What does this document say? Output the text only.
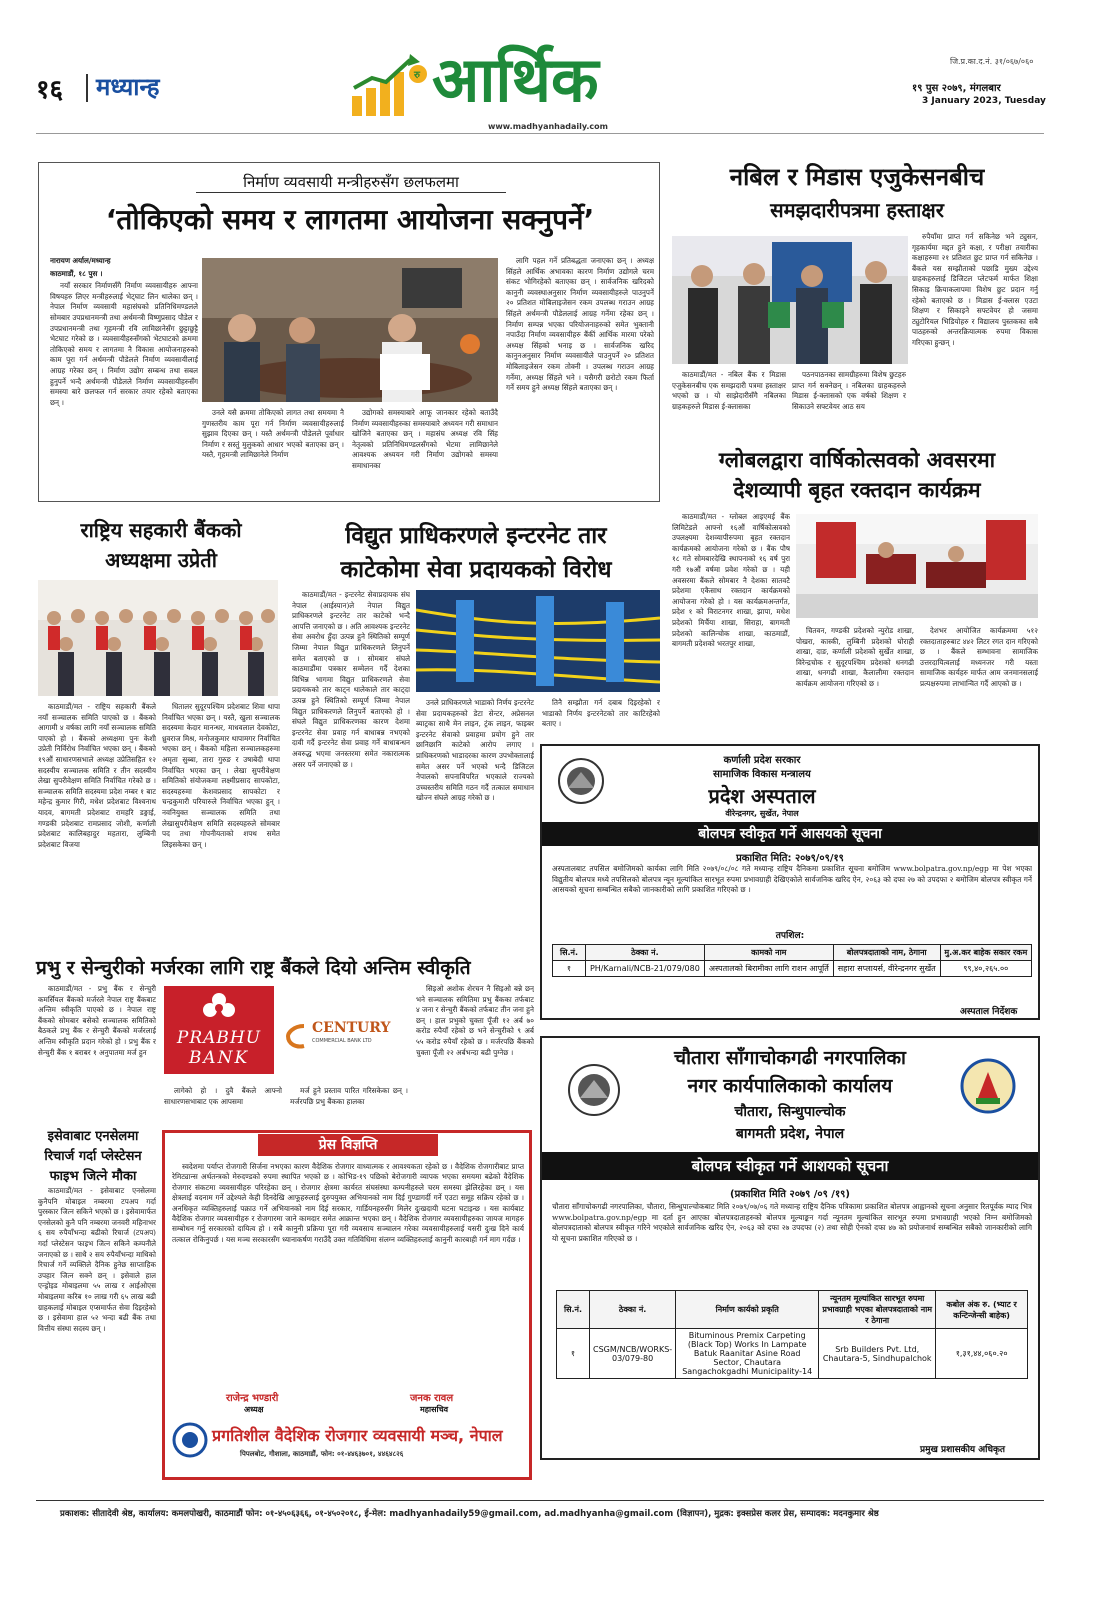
१६ मध्यान्ह	रु आर्थिक
www.madhyanhadaily.com
जि.प्र.का.द.नं. ३१/०६७/०६०
१९ पुस २०७९, मंगलबार
3 January 2023, Tuesday
निर्माण व्यवसायी मन्त्रीहरुसँग छलफलमा
‘तोकिएको समय र लागतमा आयोजना सक्नुपर्ने’

नारायण अर्याल/मध्यान्ह

काठमाडौं, १८ पुस ।

नयाँ सरकार निर्माणसँगै निर्माण व्यवसायीहरु आफ्ना विषयहरु लिएर मन्त्रीहरुलाई भेट्घाट लिन थालेका छन् । नेपाल निर्माण व्यवसायी महासंघको प्रतिनिधिमण्डलले सोमबार उपप्रधानमन्त्री तथा अर्थमन्त्री विष्णुप्रसाद पौडेल र उपप्रधानमन्त्री तथा गृहमन्त्री रवि लामिछानेसँग छुट्टाछुट्टै भेटघाट गरेको छ । व्यवसायीहरुसँगको भेटघाटको क्रममा तोकिएको समय र लागतमा नै विकास आयोजनाहरुको काम पूरा गर्न अर्थमन्त्री पौडेलले निर्माण व्यवसायीलाई आग्रह गरेका छन् । निर्माण उद्योग सम्बन्ध तथा सबल हुनुपर्ने भन्दै अर्थमन्त्री पौडेलले निर्माण व्यवसायीहरुसँग समस्या बारे छलफल गर्न सरकार तयार रहेको बताएका छन् ।

उनले यसै क्रममा तोकिएको लागत तथा समयमा नै गुणस्तरीय काम पूरा गर्न निर्माण व्यवसायीहरुलाई सुझाव दिएका छन् । यस्तै अर्थमन्त्री पौडेलले पूर्वाधार निर्माण र सस्तुं मुलुकको आधार भएको बताएका छन् । यस्तै, गृहमन्त्री लामिछानेले निर्माण

उद्योगको समस्याबारे आफू जानकार रहेको बताउँदै निर्माण व्यवसायीहरुका समस्याबारे अध्ययन गरी समाधान खोजिने बताएका छन् । महासंघ अध्यक्ष रवि सिंह नेतृत्वको प्रतिनिधिमण्डलसँगको भेटमा लामिछानेले आवश्यक अध्ययन गरी निर्माण उद्योगको समस्या समाधानका

लागि पहल गर्ने प्रतिबद्धता जनाएका छन् । अध्यक्ष सिंहले आर्थिक अभावका कारण निर्माण उद्योगले चरम संकट भोगिरहेको बताएका छन् । सार्वजनिक खरिदको कानुनी व्यवस्थाअनुसार निर्माण व्यवसायीहरुले पाउनुपर्ने २० प्रतिशत मोबिलाइजेसन रकम उपलब्ध गराउन आग्रह सिंहले अर्थमन्त्री पौडेललाई आग्रह गर्नेमा रहेका छन् । निर्माण सम्पन्न भएका परियोजनाहरुको समेत भुक्तानी नपाउँदा निर्माण व्यवसायीहरु बैंकीं आर्थिक मारमा परेको अध्यक्ष सिंहको भनाइ छ । सार्वजनिक खरिद कानुनअनुसार निर्माण व्यवसायीले पाउनुपर्ने २० प्रतिशत मोबिलाइजेसन रकम तोक्नी । उपलब्ध गराउन आग्रह गर्नेमा, अध्यक्ष सिंहले भने । यसैगरी छरोटो रकम फिर्ता गर्ने समय हुने अध्यक्ष सिंहले बताएका छन् ।

नबिल र मिडास एजुकेसनबीच
समझदारीपत्रमा हस्ताक्षर

रुपैयाँमा प्राप्त गर्न सकिनेछ भने ट्युसन, गृहकार्यमा मद्दत हुने कक्षा, र परीक्षा तयारीका कक्षाहरुमा २१ प्रतिशत छुट प्राप्त गर्न सकिनेछ । बैंकले यस सम्झौताको पछाडि मुख्य उद्देश्य ग्राहकहरुलाई डिजिटल प्लेटफर्म मार्फत शिक्षा सिकाइ क्रियाकलापमा विशेष छुट प्रदान गर्नु रहेको बताएको छ । मिडास ई-क्लास एउटा शिक्षण र सिकाइने सफ्टवेयर हो जसमा ट्युटोरियल भिडियोहरु र विद्यालय पुस्तकका सबै पाठहरुको अन्तरक्रियात्मक रुपमा विकास गरिएका हुन्छन् ।

काठमाडौं/मत - नबिल बैंक र मिडास एजुकेसनबीच एक समझदारी पत्रमा हस्ताक्षर भएको छ । यो साझेदारीसँगै नबिलका ग्राहकहरुले मिडास ई-क्लासका

पठनपाठनका सामग्रीहरुमा विशेष छुटहरु प्राप्त गर्न सक्नेछन् । नबिलका ग्राहकहरुले मिडास ई-क्लासको एक वर्षको शिक्षण र सिकाउने सफ्टवेयर आठ सय

ग्लोबलद्वारा वार्षिकोत्सवको अवसरमा
देशव्यापी बृहत रक्तदान कार्यक्रम

काठमाडौं/मत - ग्लोबल आइएमई बैंक लिमिटेडले आफ्नो १६औं वार्षिकोत्सवको उपलक्ष्यमा देशव्यापीरुपमा बृहत रक्तदान कार्यक्रमको आयोजना गरेको छ । बैंक पौष १८ गते सोमबारदेखि स्थापनाको १६ वर्ष पुरा गरी १७औं वर्षमा प्रवेश गरेको छ । यही अवसरमा बैंकले सोमबार नै देशका सातवटै प्रदेशमा एकैसाथ रक्तदान कार्यक्रमको आयोजना गरेको हो । यस कार्यक्रमअन्तर्गत, प्रदेश १ को विराटनगर शाखा, झापा, मधेश प्रदेशको मिर्चैया शाखा, सिराहा, बागमती प्रदेशको कालिन्चोक शाखा, काठमाडौं, बागमती प्रदेशको भरतपुर शाखा,

चितवन, गण्डकी प्रदेशको न्युरोड शाखा, पोखरा, कास्की, लुम्बिनी प्रदेशको घोराही शाखा, दाङ, कर्णाली प्रदेशको सुर्खेत शाखा, विरेन्द्रचोक र सुदूरपश्चिम प्रदेशको धनगढी शाखा, धनगढी शाखा, कैलालीमा रक्तदान कार्यक्रम आयोजना गरिएको छ ।

देशभर आयोजित कार्यक्रममा ५१२ रक्तदाताहरुबाट ४४२ लिटर रगत दान गरिएको छ । बैंकले सम्भावना सामाजिक उत्तरदायित्वलाई मध्यनजर गरी यस्ता सामाजिक कार्यहरु मार्फत आम जनमानसलाई प्रत्यक्षरुपमा लाभान्वित गर्दै आएको छ ।

राष्ट्रिय सहकारी बैंकको
अध्यक्षमा उप्रेती

काठमाडौं/मत - राष्ट्रिय सहकारी बैंकले नयाँ सञ्चालक समिति पाएको छ । बैंकको आगामी ४ वर्षका लागि नयाँ सञ्चालक समिति पाएको हो । बैंकको अध्यक्षमा पुनः केशी उप्रेती निर्विरोध निर्वाचित भएका छन् । बैंकको १९औं साधारणसभाले अध्यक्ष उप्रेतिसहित १२ सदस्यीय सञ्चालक समिति र तीन सदस्यीय लेखा सुपरीवेक्षण समिति निर्वाचित गरेको छ । सञ्चालक समिति सदस्यमा प्रदेश नम्बर १ बाट महेन्द्र कुमार गिरी, मधेश प्रदेशबाट विश्वनाथ यादव, बागमती प्रदेशबाट रामहरि डङ्गाई, गण्डकी प्रदेशबाट रामप्रसाद जोशी, कर्णाली प्रदेशबाट कालिबहादुर महतारा, लुम्बिनी प्रदेशबाट विजया

धितालर सुदूरपश्चिम प्रदेशबाट शिवा थापा निर्वाचित भएका छन् । यस्तै, खुला सञ्चालक सदस्यमा केदार मानन्धर, माधवलाल देवकोटा, ध्रुवराज मिश्र, मनोजकुमार थापामगर निर्वाचित भएका छन् । बैंकको महिला सञ्चालकहरुमा अमृता सुब्बा, तारा गुरुङ र उषाबेदी थापा निर्वाचित भएका छन् । लेखा सुपरीवेक्षण समितिको संयोजकमा लक्ष्मीप्रसाद सापकोटा, सदस्यहरुमा केशवप्रसाद सापकोटा र चन्द्रकुमारी परियारुले निर्वाचित भएका हुन् । नवनियुक्त सञ्चालक समिति तथा लेखासुपरीवेक्षण समिति सदस्यहरुले सोमबार पद तथा गोपनीयताको शपथ समेत लिइसकेका छन् ।

विद्युत प्राधिकरणले इन्टरनेट तार
काटेकोमा सेवा प्रदायकको विरोध

काठमाडौं/मत - इन्टरनेट सेवाप्रदायक संघ नेपाल (आईस्पान)ले नेपाल विद्युत प्राधिकरणले इन्टरनेट तार काटेको भन्दै आपत्ति जनाएको छ । अति आवश्यक इन्टरनेट सेवा अवरोध हुँदा उत्पन्न हुने स्थितिको सम्पूर्ण जिम्मा नेपाल विद्युत प्राधिकरणले लिनुपर्ने समेत बताएको छ । सोमबार संघले काठमाडौंमा पत्रकार सम्मेलन गर्दै देशका विभिन्न भागमा विद्युत प्राधिकरणले सेवा प्रदायकको तार काट्न थालेकाले तार काट्दा उत्पन्न हुने स्थितिको सम्पूर्ण जिम्मा नेपाल विद्युत प्राधिकरणले लिनुपर्ने बताएको हो । संघले विद्युत प्राधिकरणका कारण देशमा इन्टरनेट सेवा प्रवाह गर्न बाधाबन्न नभएको दावी गर्दै इन्टरनेट सेवा प्रवाह गर्ने बाधाबन्धन अवरुद्ध भएमा जनस्तरमा समेत नकारात्मक असर पर्ने जनाएको छ ।

उनले प्राधिकरणले भाडाको निर्णय इन्टरनेट सेवा प्रदायकहरुको डेटा सेन्टर, अप्रेसनल ब्याट्रका साथै मेन लाइन, ट्रंक लाइन, फाइबर इन्टरनेट सेवाको प्रवाहमा प्रयोग हुने तार छानिछानि काटेको आरोप लगाए । प्राधिकरणको भाडादरका कारण उपभोक्तालाई समेत असर पर्ने भएको भन्दै डिजिटल नेपालको सपनाविपरित भएकाले राज्यको उच्चस्तरीय समिति गठन गर्दै तत्काल समाधान खोज्न संघले आग्रह गरेको छ ।

तिनै सम्झौता गर्न दबाब दिइरहेको र भाडाको निर्णय इन्टरनेटको तार काटिरहेको बताए ।

कर्णाली प्रदेश सरकार
सामाजिक विकास मन्त्रालय
प्रदेश अस्पताल
वीरेन्द्रनगर, सुर्खेत, नेपाल
बोलपत्र स्वीकृत गर्ने आसयको सूचना
प्रकाशित मिति: २०७९/०९/१९

अस्पतालबाट तपसिल बमोजिमको कार्यका लागि मिति २०७९/०८/०८ गते मध्यान्ह राष्ट्रिय दैनिकमा प्रकाशित सूचना बमोजिम www.bolpatra.gov.np/egp मा पेश भएका विद्युतीय बोलपत्र मध्ये तपसिलको बोलपत्र न्यून मूल्यांकित सारभूत रुपमा प्रभावग्राही देखिएकोले सार्वजनिक खरिद ऐन, २०६३ को दफा २७ को उपदफा २ बमोजिम बोलपत्र स्वीकृत गर्ने आसयको सूचना सम्बन्धित सबैको जानकारीको लागि प्रकाशित गरिएको छ ।

तपशिल:
सि.नं.	ठेक्का नं.	कामको नाम	बोलपत्रदाताको नाम, ठेगाना	मु.अ.कर बाहेक सकार रकम
१	PH/Karnali/NCB-21/079/080	अस्पतालको बिरामीका लागि राशन आपूर्ति	सहारा सप्लायर्स, वीरेन्द्रनगर सुर्खेत	९९,४०,२६५.००
अस्पताल निर्देशक
प्रभु र सेन्चुरीको मर्जरका लागि राष्ट्र बैंकले दियो अन्तिम स्वीकृति

काठमाडौं/मत - प्रभु बैंक र सेन्चुरी कमर्सियल बैंकको मर्जरले नेपाल राष्ट्र बैंकबाट अन्तिम स्वीकृति पाएको छ । नेपाल राष्ट्र बैंकको सोमबार बसेको सञ्चालक समितिको बैठकले प्रभु बैंक र सेन्चुरी बैंकको मर्जरलाई अन्तिम स्वीकृति प्रदान गरेको हो । प्रभु बैंक र सेन्चुरी बैंक १ बराबर १ अनुपातमा मर्ज हुन

PRABHU
BANK
CENTURY
COMMERCIAL BANK LTD

लागेको हो । दुवै बैंकले आफ्नो साधारणसभाबाट एक आपसमा

मर्ज हुने प्रस्ताव पारित गरिसकेका छन् । मर्जरपछि प्रभु बैंकका हालका

सिइओ अशोक शेरचन नै सिइओ बन्ने छन् भने सञ्चालक समितिमा प्रभु बैंकका तर्फबाट ४ जना र सेन्चुरी बैंकको तर्फबाट तीन जना हुने छन् । हाल प्रभुको चुक्ता पूँजी १२ अर्ब ७० करोड रुपैयाँ रहेको छ भने सेन्चुरीको ९ अर्ब ५५ करोड रुपैयाँ रहेको छ । मर्जरपछि बैंकको चुक्ता पूँजी २२ अर्बभन्दा बढी पुग्नेछ ।

इसेवाबाट एनसेलमा
रिचार्ज गर्दा प्लेस्टेसन
फाइभ जित्ने मौका

काठमाडौं/मत - इसेवाबाट एनसेलमा कुनैपनि मोबाइल नम्बरमा टपअप गर्दा पुरस्कार जित्न सकिने भएको छ । इसेवामार्फत एनसेलको कुनै पनि नम्बरमा जनवरी महिनाभर ६ सय रुपैयाँभन्दा बढीको रिचार्ज (टपअप) गर्दा प्लेस्टेसन फाइभ जित्न सकिने कम्पनीले जनाएको छ । साथै २ सय रुपैयाँभन्दा माथिको रिचार्ज गर्ने व्यक्तिले दैनिक हुनेछ साप्ताहिक उपहार जित्न सक्ने छन् । इसेवाले हाल एन्ड्रोइड मोबाइलमा ५५ लाख र आईओएस मोबाइलमा करिब १० लाख गरी ६५ लाख बढी ग्राहकलाई मोबाइल एप्समार्फत सेवा दिइरहेको छ । इसेवामा हाल ५२ भन्दा बढी बैंक तथा वित्तीय संस्था सदस्य छन् ।

प्रेस विज्ञप्ति

स्वदेशमा पर्याप्त रोजगारी सिर्जना नभएका कारण वैदेशिक रोजगार वाध्यात्मक र आवश्यकता रहेको छ । वैदेशिक रोजगारीबाट प्राप्त रेमिट्यान्स अर्थतन्त्रको मेरुदण्डको रुपमा स्थापित भएको छ । कोभिड-१९ पछिको बेरोजगारी व्यापक भएका समयमा बढेको वैदेशिक रोजगार संकटमा व्यवसायीहरु परिरहेका छन् । रोजगार क्षेत्रमा कार्यरत संघसंस्था कम्पनीहरुले चरम समस्या झेलिरहेका छन् । यस क्षेत्रलाई वदनाम गर्ने उद्देश्यले केही दिनदेखि आफूहरुलाई दुरुपयुक्त अभियानको नाम दिई गुण्डागर्दी गर्ने एउटा समूह सक्रिय रहेको छ । अनधिकृत व्यक्तिहरुलाई पक्राउ गर्ने अभियानको नाम दिई सरकार, गार्डियनहरुसँग मिलेर दुःखदायी घटना घटाइन्छ । यस कार्यबाट वैदेशिक रोजगार व्यवसायीहरु र रोजगारमा जाने कामदार समेत आक्रान्त भएका छन् । वैदेशिक रोजगार व्यवसायीहरुका जायज मागहरु सम्बोधन गर्नु सरकारको दायित्व हो । सबै कानुनी प्रक्रिया पूरा गरी व्यवसाय सञ्चालन गरेका व्यवसायीहरुलाई यसरी दुःख दिने कार्य तत्काल रोकिनुपर्छ । यस मञ्च सरकारसँग ध्यानाकर्षण गराउँदै उक्त गतिविधिमा संलग्न व्यक्तिहरुलाई कानुनी कारबाही गर्न माग गर्दछ ।

राजेन्द्र भण्डारी
अध्यक्ष
जनक रावल
महासचिव
प्रगतिशील वैदेशिक रोजगार व्यवसायी मञ्च, नेपाल
पिपलबोट, गौशाला, काठमाडौं, फोन: ०१-४४६३७०१, ४४६४८२६
चौतारा साँगाचोकगढी नगरपालिका
नगर कार्यपालिकाको कार्यालय
चौतारा, सिन्धुपाल्चोक
बागमती प्रदेश, नेपाल
बोलपत्र स्वीकृत गर्ने आशयको सूचना
(प्रकाशित मिति २०७९ /०९ /१९)

चौतारा साँगाचोकगढी नगरपालिका, चौतारा, सिन्धुपाल्चोकबाट मिति २०७९/०७/०६ गते मध्यान्ह राष्ट्रिय दैनिक पत्रिकामा प्रकाशित बोलपत्र आह्वानको सूचना अनुसार रितपूर्वक म्याद भित्र www.bolpatra.gov.np/egp मा दर्ता हुन आएका बोलपत्रदाताहरुको बोलपत्र मूल्याङ्कन गर्दा न्यूनतम मूल्यांकित सारभूत रुपमा प्रभावग्राही भएको निम्न बमोजिमको बोलपत्रदाताको बोलपत्र स्वीकृत गरिने भएकोले सार्वजनिक खरिद ऐन, २०६३ को दफा २७ उपदफा (२) तथा सोही ऐनको दफा ४७ को प्रयोजनार्थ सम्बन्धित सबैको जानकारीको लागि यो सूचना प्रकाशित गरिएको छ ।

सि.नं.	ठेक्का नं.	निर्माण कार्यको प्रकृति	न्यूनतम मूल्यांकित सारभूत रुपमा प्रभावग्राही भएका बोलपत्रदाताको नाम र ठेगाना	कबोल अंक रु. (भ्याट र कन्टिन्जेन्सी बाहेक)
१	CSGM/NCB/WORKS-03/079-80	Bituminous Premix Carpeting (Black Top) Works In Lampate Batuk Raanitar Asine Road Sector, Chautara Sangachokgadhi Municipality-14	Srb Builders Pvt. Ltd, Chautara-5, Sindhupalchok	१,३१,४४,०६०.२०
प्रमुख प्रशासकीय अधिकृत
प्रकाशक: सीतादेवी श्रेष्ठ, कार्यालय: कमलपोखरी, काठमाडौं फोन: ०१-४५०६३६६, ०१-४५०२०१८, ई-मेल: madhyanhadaily59@gmail.com, ad.madhyanha@gmail.com (विज्ञापन), मुद्रक: इक्सप्रेस कलर प्रेस, सम्पादक: मदनकुमार श्रेष्ठ
